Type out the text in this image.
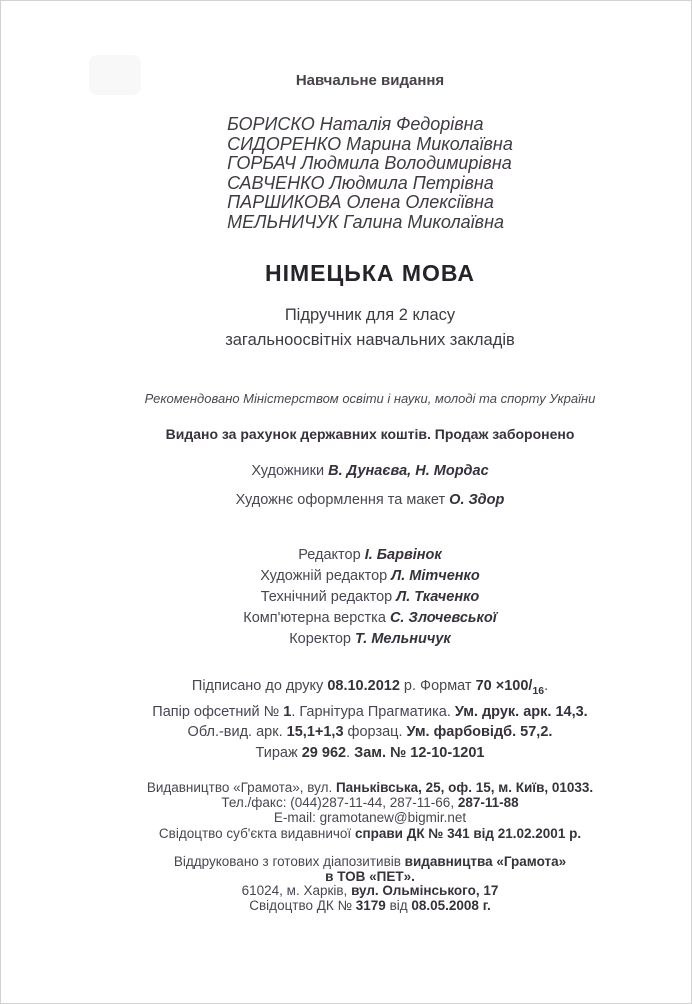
Навчальне видання
БОРИСКО Наталія Федорівна
СИДОРЕНКО Марина Миколаївна
ГОРБАЧ Людмила Володимирівна
САВЧЕНКО Людмила Петрівна
ПАРШИКОВА Олена Олексіївна
МЕЛЬНИЧУК Галина Миколаївна
НІМЕЦЬКА МОВА
Підручник для 2 класу
загальноосвітніх навчальних закладів
Рекомендовано Міністерством освіти і науки, молоді та спорту України
Видано за рахунок державних коштів. Продаж заборонено
Художники В. Дунаєва, Н. Мордас
Художнє оформлення та макет О. Здор
Редактор І. Барвінок
Художній редактор Л. Мітченко
Технічний редактор Л. Ткаченко
Комп'ютерна верстка С. Злочевської
Коректор Т. Мельничук
Підписано до друку 08.10.2012 р. Формат $70 \times 100/_{16}$.
Папір офсетний № 1. Гарнітура Прагматика. Ум. друк. арк. 14,3.
Обл.-вид. арк. 15,1+1,3 форзац. Ум. фарбовідб. 57,2.
Тираж 29 962. Зам. № 12-10-1201
Видавництво «Грамота», вул. Паньківська, 25, оф. 15, м. Київ, 01033.
Тел./факс: (044)287-11-44, 287-11-66, 287-11-88
E-mail: gramotanew@bigmir.net
Свідоцтво суб'єкта видавничої справи ДК № 341 від 21.02.2001 р.
Віддруковано з готових діапозитивів видавництва «Грамота»
в ТОВ «ПЕТ».
61024, м. Харків, вул. Ольмінського, 17
Свідоцтво ДК № 3179 від 08.05.2008 г.
